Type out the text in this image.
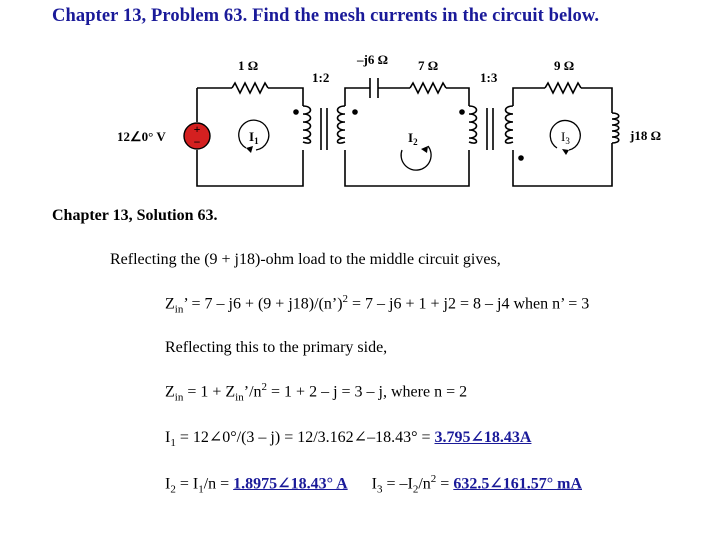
Chapter 13, Problem 63. Find the mesh currents in the circuit below.
+
−
1 Ω
1:2
–j6 Ω 7 Ω
1:3
9 Ω
12∠0° V	j18 Ω
$I_1$	$I_2$	$I_3$
Chapter 13, Solution 63.
Reflecting the (9 + j18)-ohm load to the middle circuit gives,
$Z_{in}$’ = 7 – j6 + (9 + j18)/(n’)$^2$ = 7 – j6 + 1 + j2 = 8 – j4 when n’ = 3
Reflecting this to the primary side,
$Z_{in} = 1$ + $Z_{in}’/n^2 = 1 + 2 - j = 3 - j$, where n = 2
$I_1$ = 12∠0°/(3 – j) = 12/3.162∠–18.43° = 3.795∠18.43A
$I_2 = I_1/n$ = 1.8975∠18.43° A $I_3 = -I_2/n^2$ = 632.5∠161.57° mA
